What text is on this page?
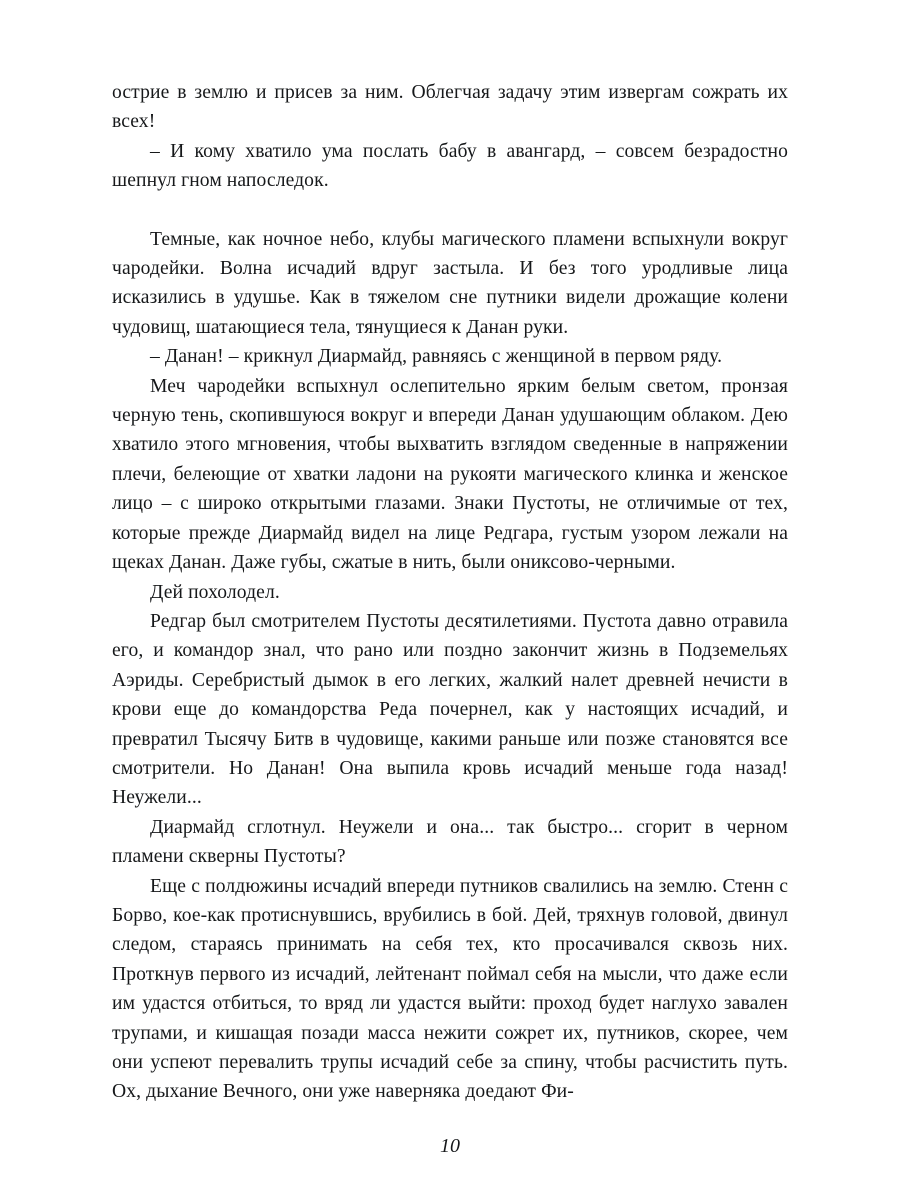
острие в землю и присев за ним. Облегчая задачу этим извергам сожрать их всех!

– И кому хватило ума послать бабу в авангард, – совсем безрадостно шепнул гном напоследок.

Темные, как ночное небо, клубы магического пламени вспыхнули вокруг чародейки. Волна исчадий вдруг застыла. И без того уродливые лица исказились в удушье. Как в тяжелом сне путники видели дрожащие колени чудовищ, шатающиеся тела, тянущиеся к Данан руки.

– Данан! – крикнул Диармайд, равняясь с женщиной в первом ряду.

Меч чародейки вспыхнул ослепительно ярким белым светом, пронзая черную тень, скопившуюся вокруг и впереди Данан удушающим облаком. Дею хватило этого мгновения, чтобы выхватить взглядом сведенные в напряжении плечи, белеющие от хватки ладони на рукояти магического клинка и женское лицо – с широко открытыми глазами. Знаки Пустоты, не отличимые от тех, которые прежде Диармайд видел на лице Редгара, густым узором лежали на щеках Данан. Даже губы, сжатые в нить, были ониксово-черными.

Дей похолодел.

Редгар был смотрителем Пустоты десятилетиями. Пустота давно отравила его, и командор знал, что рано или поздно закончит жизнь в Подземельях Аэриды. Серебристый дымок в его легких, жалкий налет древней нечисти в крови еще до командорства Реда почернел, как у настоящих исчадий, и превратил Тысячу Битв в чудовище, какими раньше или позже становятся все смотрители. Но Данан! Она выпила кровь исчадий меньше года назад! Неужели...

Диармайд сглотнул. Неужели и она... так быстро... сгорит в черном пламени скверны Пустоты?

Еще с полдюжины исчадий впереди путников свалились на землю. Стенн с Борво, кое-как протиснувшись, врубились в бой. Дей, тряхнув головой, двинул следом, стараясь принимать на себя тех, кто просачивался сквозь них. Проткнув первого из исчадий, лейтенант поймал себя на мысли, что даже если им удастся отбиться, то вряд ли удастся выйти: проход будет наглухо завален трупами, и кишащая позади масса нежити сожрет их, путников, скорее, чем они успеют перевалить трупы исчадий себе за спину, чтобы расчистить путь. Ох, дыхание Вечного, они уже наверняка доедают Фи-

10
